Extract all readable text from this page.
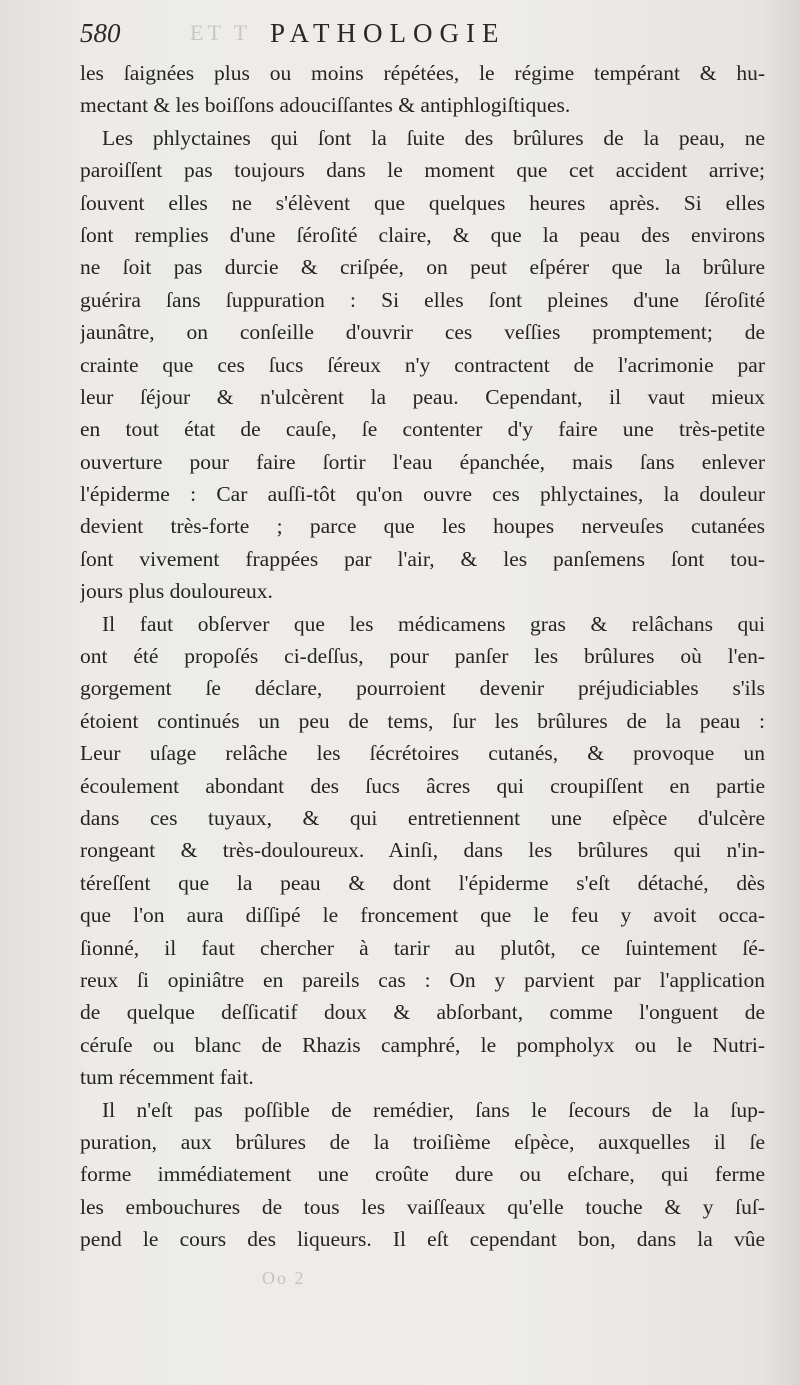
ET T
580	PATHOLOGIE
les ſaignées plus ou moins répétées, le régime tempérant & hu-
mectant & les boiſſons adouciſſantes & antiphlogiſtiques.
Les phlyctaines qui ſont la ſuite des brûlures de la peau, ne
paroiſſent pas toujours dans le moment que cet accident arrive;
ſouvent elles ne s'élèvent que quelques heures après. Si elles
ſont remplies d'une ſéroſité claire, & que la peau des environs
ne ſoit pas durcie & criſpée, on peut eſpérer que la brûlure
guérira ſans ſuppuration : Si elles ſont pleines d'une ſéroſité
jaunâtre, on conſeille d'ouvrir ces veſſies promptement; de
crainte que ces ſucs ſéreux n'y contractent de l'acrimonie par
leur ſéjour & n'ulcèrent la peau. Cependant, il vaut mieux
en tout état de cauſe, ſe contenter d'y faire une très-petite
ouverture pour faire ſortir l'eau épanchée, mais ſans enlever
l'épiderme : Car auſſi-tôt qu'on ouvre ces phlyctaines, la douleur
devient très-forte ; parce que les houpes nerveuſes cutanées
ſont vivement frappées par l'air, & les panſemens ſont tou-
jours plus douloureux.
Il faut obſerver que les médicamens gras & relâchans qui
ont été propoſés ci-deſſus, pour panſer les brûlures où l'en-
gorgement ſe déclare, pourroient devenir préjudiciables s'ils
étoient continués un peu de tems, ſur les brûlures de la peau :
Leur uſage relâche les ſécrétoires cutanés, & provoque un
écoulement abondant des ſucs âcres qui croupiſſent en partie
dans ces tuyaux, & qui entretiennent une eſpèce d'ulcère
rongeant & très-douloureux. Ainſi, dans les brûlures qui n'in-
téreſſent que la peau & dont l'épiderme s'eſt détaché, dès
que l'on aura diſſipé le froncement que le feu y avoit occa-
ſionné, il faut chercher à tarir au plutôt, ce ſuintement ſé-
reux ſi opiniâtre en pareils cas : On y parvient par l'application
de quelque deſſicatif doux & abſorbant, comme l'onguent de
céruſe ou blanc de Rhazis camphré, le pompholyx ou le Nutri-
tum récemment fait.
Il n'eſt pas poſſible de remédier, ſans le ſecours de la ſup-
puration, aux brûlures de la troiſième eſpèce, auxquelles il ſe
forme immédiatement une croûte dure ou eſchare, qui ferme
les embouchures de tous les vaiſſeaux qu'elle touche & y ſuſ-
pend le cours des liqueurs. Il eſt cependant bon, dans la vûe
Oo 2
